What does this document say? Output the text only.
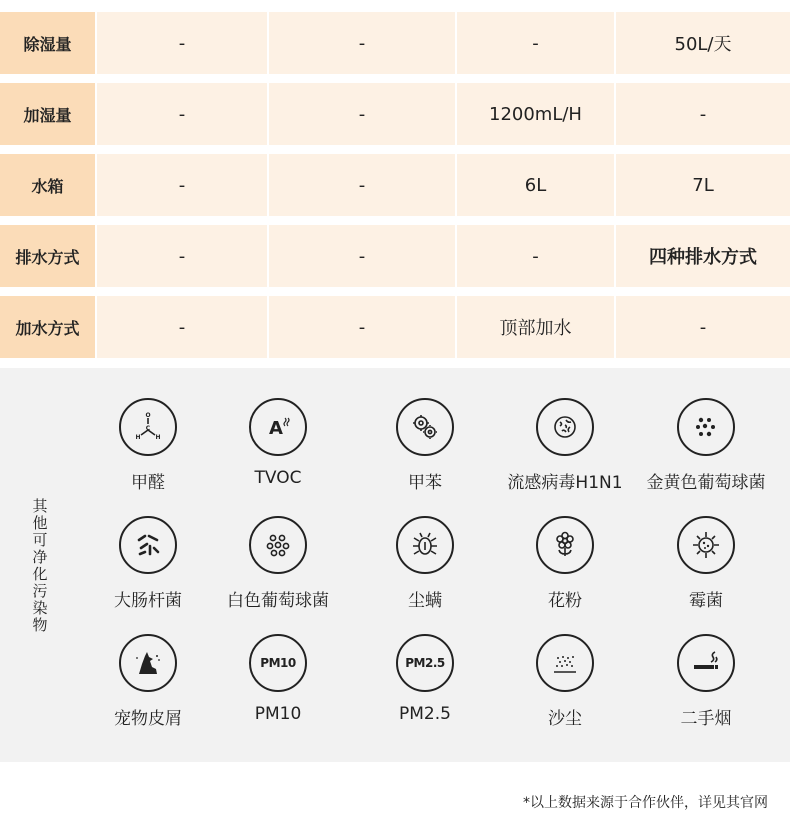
除湿量	-	-	-	50L/天
加湿量	-	-	1200mL/H	-
水箱	-	-	6L	7L
排水方式	-	-	-	四种排水方式
加水方式	-	-	顶部加水	-
其他可净化污染物
O
C
H H
甲醛
A
TVOC	甲苯	流感病毒H1N1	金黄色葡萄球菌
大肠杆菌	白色葡萄球菌	尘螨	花粉	霉菌
宠物皮屑
PM10
PM10
PM2.5
PM2.5	沙尘	二手烟
*以上数据来源于合作伙伴，详见其官网
